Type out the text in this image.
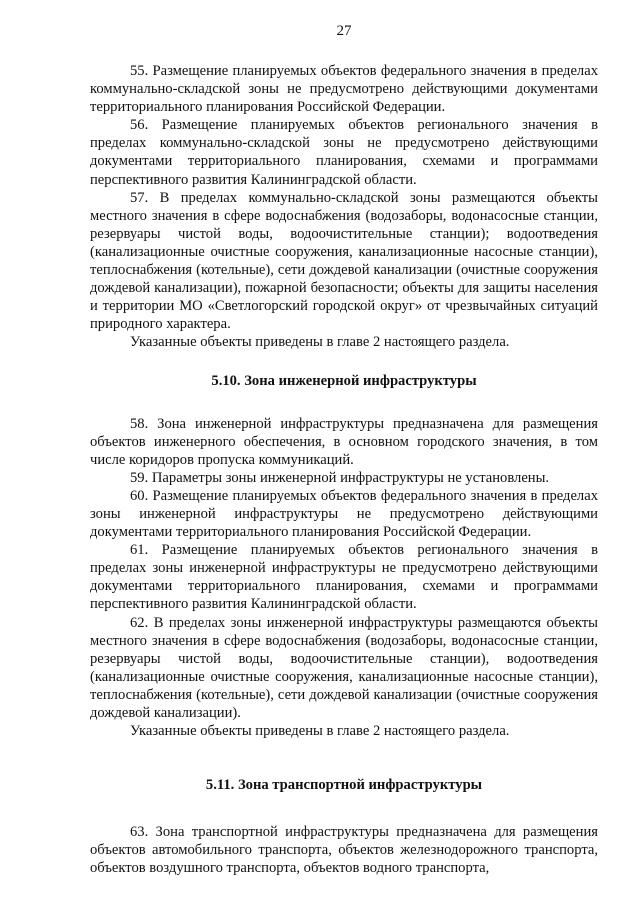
27

55. Размещение планируемых объектов федерального значения в пределах коммунально-складской зоны не предусмотрено действующими документами территориального планирования Российской Федерации.

56. Размещение планируемых объектов регионального значения в пределах коммунально-складской зоны не предусмотрено действующими документами территориального планирования, схемами и программами перспективного развития Калининградской области.

57. В пределах коммунально-складской зоны размещаются объекты местного значения в сфере водоснабжения (водозаборы, водонасосные станции, резервуары чистой воды, водоочистительные станции); водоотведения (канализационные очистные сооружения, канализационные насосные станции), теплоснабжения (котельные), сети дождевой канализации (очистные сооружения дождевой канализации), пожарной безопасности; объекты для защиты населения и территории МО «Светлогорский городской округ» от чрезвычайных ситуаций природного характера.

Указанные объекты приведены в главе 2 настоящего раздела.

5.10. Зона инженерной инфраструктуры

58. Зона инженерной инфраструктуры предназначена для размещения объектов инженерного обеспечения, в основном городского значения, в том числе коридоров пропуска коммуникаций.

59. Параметры зоны инженерной инфраструктуры не установлены.

60. Размещение планируемых объектов федерального значения в пределах зоны инженерной инфраструктуры не предусмотрено действующими документами территориального планирования Российской Федерации.

61. Размещение планируемых объектов регионального значения в пределах зоны инженерной инфраструктуры не предусмотрено действующими документами территориального планирования, схемами и программами перспективного развития Калининградской области.

62. В пределах зоны инженерной инфраструктуры размещаются объекты местного значения в сфере водоснабжения (водозаборы, водонасосные станции, резервуары чистой воды, водоочистительные станции), водоотведения (канализационные очистные сооружения, канализационные насосные станции), теплоснабжения (котельные), сети дождевой канализации (очистные сооружения дождевой канализации).

Указанные объекты приведены в главе 2 настоящего раздела.

5.11. Зона транспортной инфраструктуры

63. Зона транспортной инфраструктуры предназначена для размещения объектов автомобильного транспорта, объектов железнодорожного транспорта, объектов воздушного транспорта, объектов водного транспорта,
